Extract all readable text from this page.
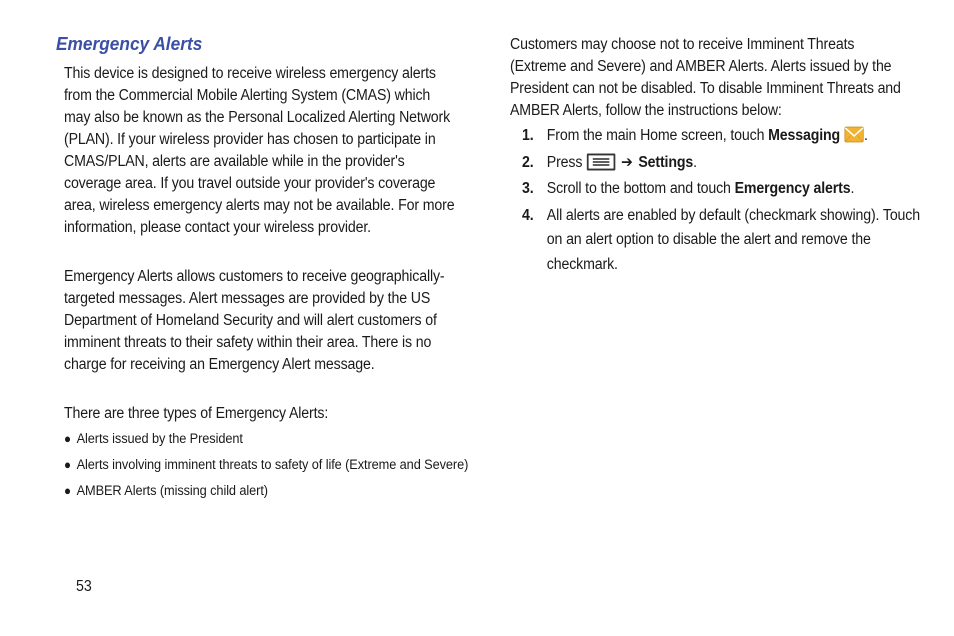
Emergency Alerts
This device is designed to receive wireless emergency alerts from the Commercial Mobile Alerting System (CMAS) which may also be known as the Personal Localized Alerting Network (PLAN). If your wireless provider has chosen to participate in CMAS/PLAN, alerts are available while in the provider's coverage area. If you travel outside your provider's coverage area, wireless emergency alerts may not be available. For more information, please contact your wireless provider.
Emergency Alerts allows customers to receive geographically-targeted messages. Alert messages are provided by the US Department of Homeland Security and will alert customers of imminent threats to their safety within their area. There is no charge for receiving an Emergency Alert message.
There are three types of Emergency Alerts:
● Alerts issued by the President
● Alerts involving imminent threats to safety of life (Extreme and Severe)
● AMBER Alerts (missing child alert)
Customers may choose not to receive Imminent Threats (Extreme and Severe) and AMBER Alerts. Alerts issued by the President can not be disabled. To disable Imminent Threats and AMBER Alerts, follow the instructions below:
1. From the main Home screen, touch Messaging .
2. Press	➔ Settings.
3. Scroll to the bottom and touch Emergency alerts.
4. All alerts are enabled by default (checkmark showing). Touch on an alert option to disable the alert and remove the checkmark.
53
